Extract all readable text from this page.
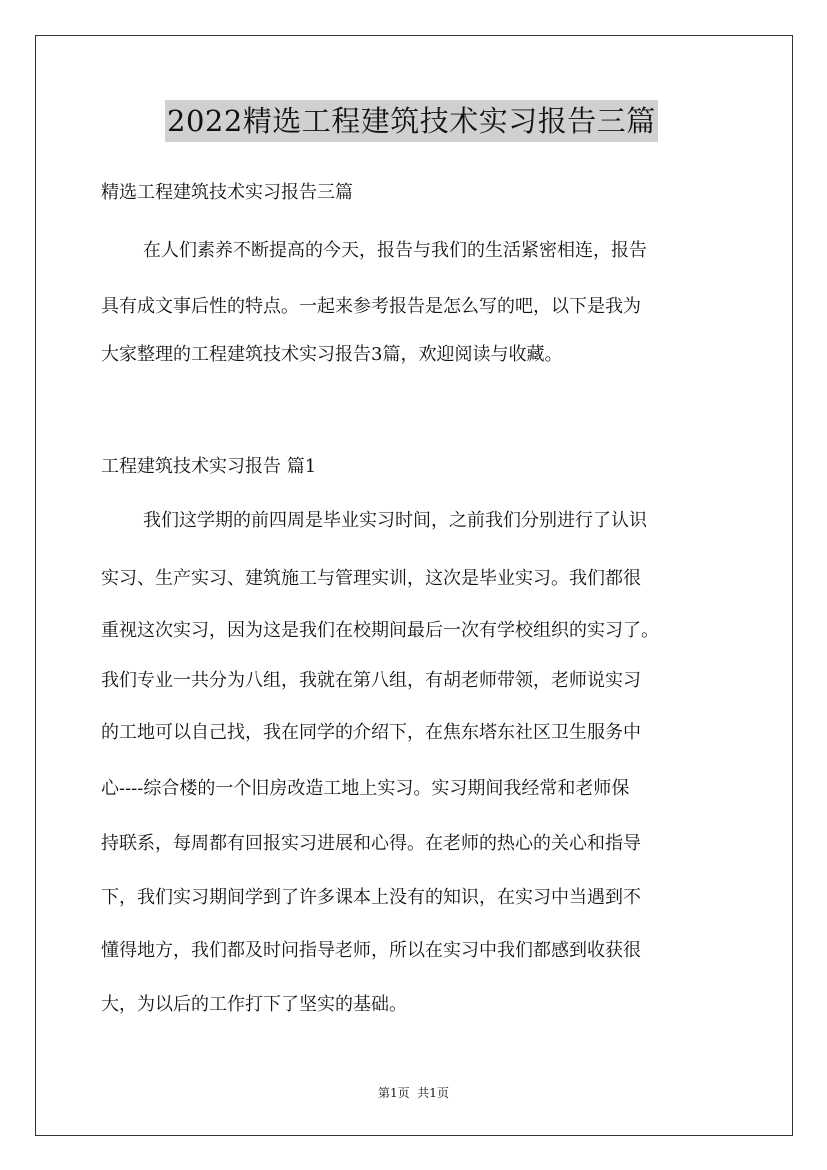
2022精选工程建筑技术实习报告三篇
精选工程建筑技术实习报告三篇
在人们素养不断提高的今天，报告与我们的生活紧密相连，报告
具有成文事后性的特点。一起来参考报告是怎么写的吧，以下是我为
大家整理的工程建筑技术实习报告3篇，欢迎阅读与收藏。
工程建筑技术实习报告 篇1
我们这学期的前四周是毕业实习时间，之前我们分别进行了认识
实习、生产实习、建筑施工与管理实训，这次是毕业实习。我们都很
重视这次实习，因为这是我们在校期间最后一次有学校组织的实习了。
我们专业一共分为八组，我就在第八组，有胡老师带领，老师说实习
的工地可以自己找，我在同学的介绍下，在焦东塔东社区卫生服务中
心----综合楼的一个旧房改造工地上实习。实习期间我经常和老师保
持联系，每周都有回报实习进展和心得。在老师的热心的关心和指导
下，我们实习期间学到了许多课本上没有的知识，在实习中当遇到不
懂得地方，我们都及时问指导老师，所以在实习中我们都感到收获很
大，为以后的工作打下了坚实的基础。
第1页  共1页
